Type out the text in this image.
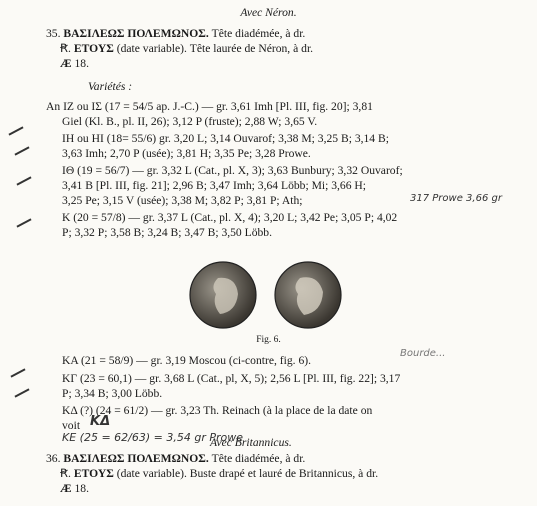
Avec Néron.
35. ΒΑΣΙΛΕΩΣ ΠΟΛΕΜΩΝΟΣ. Tête diadémée, à dr.
Ꞧ. ΕΤΟΥΣ (date variable). Tête laurée de Néron, à dr.
Æ 18.
Variétés :
An IZ ou IΣ (17 = 54/5 ap. J.-C.) — gr. 3,61 Imh [Pl. III, fig. 20]; 3,81
Giel (Kl. B., pl. II, 26); 3,12 P (fruste); 2,88 W; 3,65 V.
IH ou HI (18= 55/6) gr. 3,20 L; 3,14 Ouvarof; 3,38 M; 3,25 B; 3,14 B;
3,63 Imh; 2,70 P (usée); 3,81 H; 3,35 Pe; 3,28 Prowe.
ΙΘ (19 = 56/7) — gr. 3,32 L (Cat., pl. X, 3); 3,63 Bunbury; 3,32 Ouvarof;
3,41 B [Pl. III, fig. 21]; 2,96 B; 3,47 Imh; 3,64 Löbb; Mi; 3,66 H;
3,25 Pe; 3,15 V (usée); 3,38 M; 3,82 P; 3,81 P; Ath;
K (20 = 57/8) — gr. 3,37 L (Cat., pl. X, 4); 3,20 L; 3,42 Pe; 3,05 P; 4,02
P; 3,32 P; 3,58 B; 3,24 B; 3,47 B; 3,50 Löbb.
317 Prowe 3,66 gr
Fig. 6.
Bourde...
KA (21 = 58/9) — gr. 3,19 Moscou (ci-contre, fig. 6).
KΓ (23 = 60,1) — gr. 3,68 L (Cat., pl, X, 5); 2,56 L [Pl. III, fig. 22]; 3,17
P; 3,34 B; 3,00 Löbb.
KΔ (?) (24 = 61/2) — gr. 3,23 Th. Reinach (à la place de la date on
voit KΔ
KE (25 = 62/63) = 3,54 gr Prowe
Avec Britannicus.
36. ΒΑΣΙΛΕΩΣ ΠΟΛΕΜΩΝΟΣ. Tête diadémée, à dr.
Ꞧ. ΕΤΟΥΣ (date variable). Buste drapé et lauré de Britannicus, à dr.
Æ 18.
